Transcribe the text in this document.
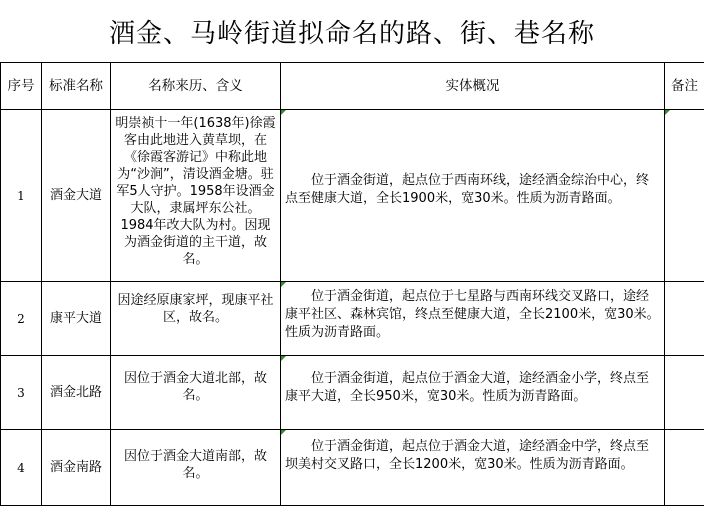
酒金、马岭街道拟命名的路、街、巷名称
序号	标准名称	名称来历、含义	实体概况	备注
1	酒金大道	明崇祯十一年(1638年)徐霞客由此地进入黄草坝，在《徐霞客游记》中称此地为“沙涧”，清设酒金塘。驻军5人守护。1958年设酒金大队，隶属坪东公社。1984年改大队为村。因现为酒金街道的主干道，故名。	位于酒金街道，起点位于西南环线，途经酒金综治中心，终点至健康大道，全长1900米，宽30米。性质为沥青路面。	

2	康平大道	因途经原康家坪，现康平社区，故名。	位于酒金街道，起点位于七星路与西南环线交叉路口，途经康平社区、森林宾馆，终点至健康大道，全长2100米，宽30米。性质为沥青路面。	
3	酒金北路	因位于酒金大道北部，故名。	位于酒金街道，起点位于酒金大道，途经酒金小学，终点至康平大道，全长950米，宽30米。性质为沥青路面。	
4	酒金南路	因位于酒金大道南部，故名。	位于酒金街道，起点位于酒金大道，途经酒金中学，终点至坝美村交叉路口，全长1200米，宽30米。性质为沥青路面。	
